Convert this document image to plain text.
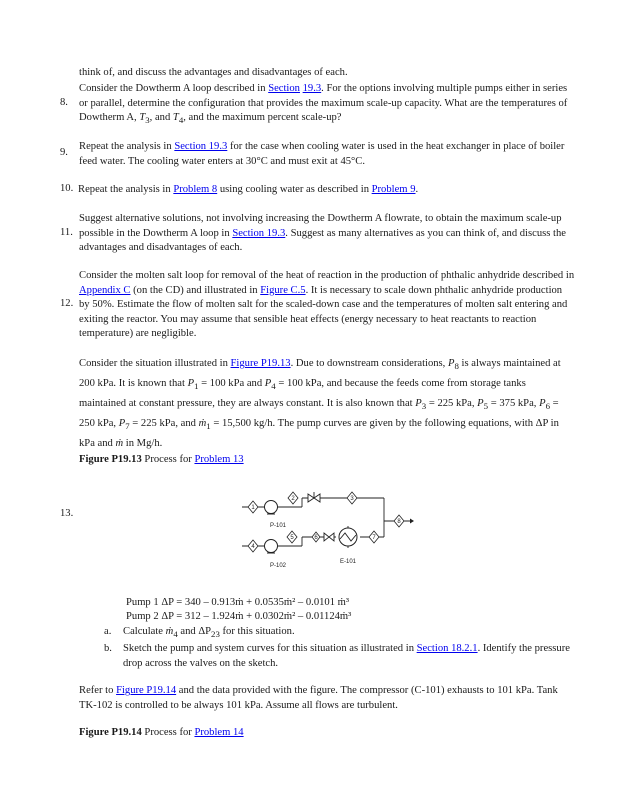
think of, and discuss the advantages and disadvantages of each.
8.
Consider the Dowtherm A loop described in Section 19.3. For the options involving multiple pumps either in series or parallel, determine the configuration that provides the maximum scale-up capacity. What are the temperatures of Dowtherm A, $T_3$, and $T_4$, and the maximum percent scale-up?
9.
Repeat the analysis in Section 19.3 for the case when cooling water is used in the heat exchanger in place of boiler feed water. The cooling water enters at 30°C and must exit at 45°C.
10. Repeat the analysis in Problem 8 using cooling water as described in Problem 9.
11.
Suggest alternative solutions, not involving increasing the Dowtherm A flowrate, to obtain the maximum scale-up possible in the Dowtherm A loop in Section 19.3. Suggest as many alternatives as you can think of, and discuss the advantages and disadvantages of each.
12.
Consider the molten salt loop for removal of the heat of reaction in the production of phthalic anhydride described in Appendix C (on the CD) and illustrated in Figure C.5. It is necessary to scale down phthalic anhydride production by 50%. Estimate the flow of molten salt for the scaled-down case and the temperatures of molten salt entering and exiting the reactor. You may assume that sensible heat effects (energy necessary to heat reactants to reaction temperature) are negligible.
Consider the situation illustrated in Figure P19.13. Due to downstream considerations, $P_8$ is always maintained at 200 kPa. It is known that $P_1 = 100$ kPa and $P_4 = 100$ kPa, and because the feeds come from storage tanks maintained at constant pressure, they are always constant. It is also known that $P_3 = 225$ kPa, $P_5 = 375$ kPa, $P_6 = 250$ kPa, $P_7 = 225$ kPa, and ṁ$_1$ = 15,500 kg/h. The pump curves are given by the following equations, with ΔP in kPa and ṁ in Mg/h.
Figure P19.13 Process for Problem 13
13.	1
2	3
4
5	6	7
8
P-101
P-102
E-101
Pump 1 ΔP = 340 – 0.913ṁ + 0.0535ṁ² – 0.0101 ṁ³
Pump 2 ΔP = 312 – 1.924ṁ + 0.0302ṁ² – 0.01124ṁ³
a. Calculate ṁ$_4$ and $\Delta P_{23}$ for this situation.
b. Sketch the pump and system curves for this situation as illustrated in Section 18.2.1. Identify the pressure drop across the valves on the sketch.
Refer to Figure P19.14 and the data provided with the figure. The compressor (C-101) exhausts to 101 kPa. Tank TK-102 is controlled to be always 101 kPa. Assume all flows are turbulent.
Figure P19.14 Process for Problem 14
